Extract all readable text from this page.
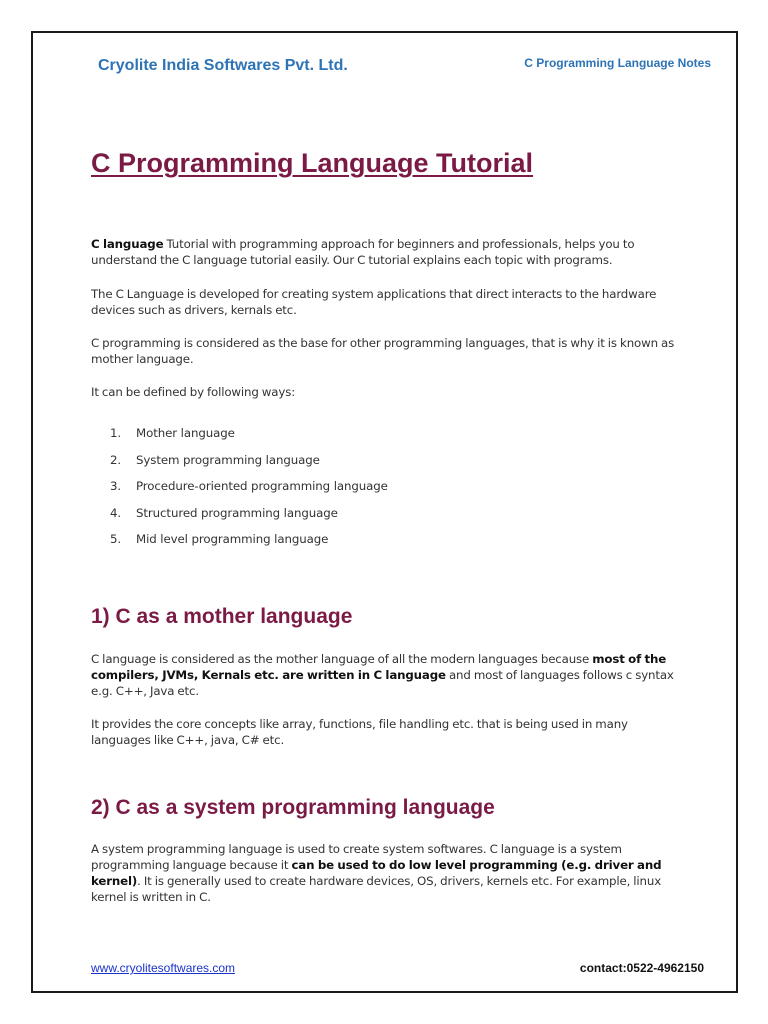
Cryolite India Softwares Pvt. Ltd.	C Programming Language Notes
C Programming Language Tutorial

C language Tutorial with programming approach for beginners and professionals, helps you to understand the C language tutorial easily. Our C tutorial explains each topic with programs.

The C Language is developed for creating system applications that direct interacts to the hardware devices such as drivers, kernals etc.

C programming is considered as the base for other programming languages, that is why it is known as mother language.

It can be defined by following ways:

1. Mother language
2. System programming language
3. Procedure-oriented programming language
4. Structured programming language
5. Mid level programming language
1) C as a mother language

C language is considered as the mother language of all the modern languages because most of the compilers, JVMs, Kernals etc. are written in C language and most of languages follows c syntax e.g. C++, Java etc.

It provides the core concepts like array, functions, file handling etc. that is being used in many languages like C++, java, C# etc.

2) C as a system programming language

A system programming language is used to create system softwares. C language is a system programming language because it can be used to do low level programming (e.g. driver and kernel). It is generally used to create hardware devices, OS, drivers, kernels etc. For example, linux kernel is written in C.

www.cryolitesoftwares.com	contact:0522-4962150
